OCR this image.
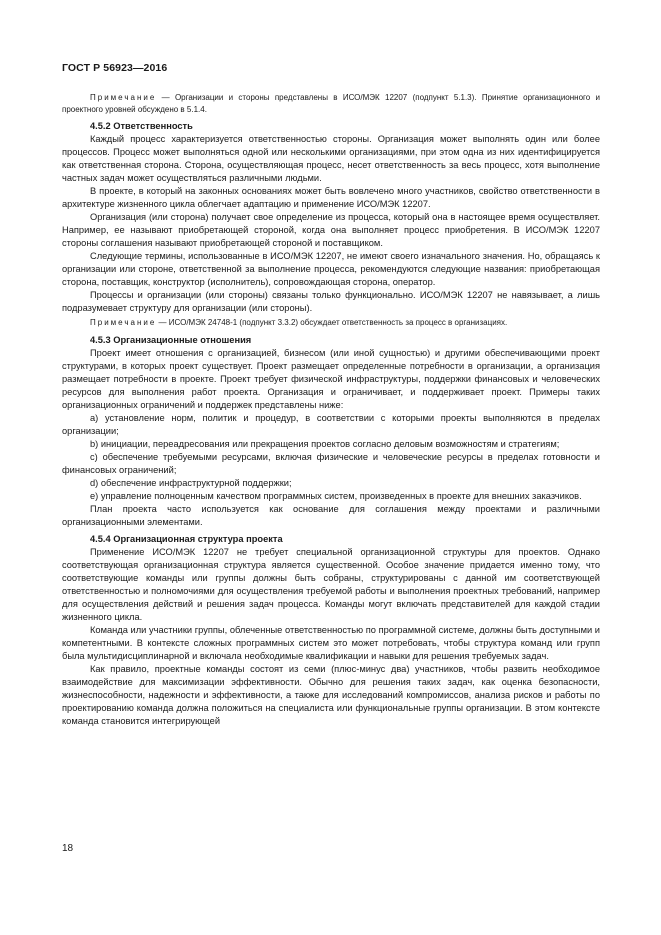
ГОСТ Р 56923—2016

Примечание — Организации и стороны представлены в ИСО/МЭК 12207 (подпункт 5.1.3). Принятие организационного и проектного уровней обсуждено в 5.1.4.

4.5.2 Ответственность

Каждый процесс характеризуется ответственностью стороны. Организация может выполнять один или более процессов. Процесс может выполняться одной или несколькими организациями, при этом одна из них идентифицируется как ответственная сторона. Сторона, осуществляющая процесс, несет ответственность за весь процесс, хотя выполнение частных задач может осуществляться различными людьми.

В проекте, в который на законных основаниях может быть вовлечено много участников, свойство ответственности в архитектуре жизненного цикла облегчает адаптацию и применение ИСО/МЭК 12207.

Организация (или сторона) получает свое определение из процесса, который она в настоящее время осуществляет. Например, ее называют приобретающей стороной, когда она выполняет процесс приобретения. В ИСО/МЭК 12207 стороны соглашения называют приобретающей стороной и поставщиком.

Следующие термины, использованные в ИСО/МЭК 12207, не имеют своего изначального значения. Но, обращаясь к организации или стороне, ответственной за выполнение процесса, рекомендуются следующие названия: приобретающая сторона, поставщик, конструктор (исполнитель), сопровождающая сторона, оператор.

Процессы и организации (или стороны) связаны только функционально. ИСО/МЭК 12207 не навязывает, а лишь подразумевает структуру для организации (или стороны).

Примечание — ИСО/МЭК 24748-1 (подпункт 3.3.2) обсуждает ответственность за процесс в организациях.

4.5.3 Организационные отношения

Проект имеет отношения с организацией, бизнесом (или иной сущностью) и другими обеспечивающими проект структурами, в которых проект существует. Проект размещает определенные потребности в организации, а организация размещает потребности в проекте. Проект требует физической инфраструктуры, поддержки финансовых и человеческих ресурсов для выполнения работ проекта. Организация и ограничивает, и поддерживает проект. Примеры таких организационных ограничений и поддержек представлены ниже:

а) установление норм, политик и процедур, в соответствии с которыми проекты выполняются в пределах организации;

b) инициации, переадресования или прекращения проектов согласно деловым возможностям и стратегиям;

с) обеспечение требуемыми ресурсами, включая физические и человеческие ресурсы в пределах готовности и финансовых ограничений;

d) обеспечение инфраструктурной поддержки;

е) управление полноценным качеством программных систем, произведенных в проекте для внешних заказчиков.

План проекта часто используется как основание для соглашения между проектами и различными организационными элементами.

4.5.4 Организационная структура проекта

Применение ИСО/МЭК 12207 не требует специальной организационной структуры для проектов. Однако соответствующая организационная структура является существенной. Особое значение придается именно тому, что соответствующие команды или группы должны быть собраны, структурированы с данной им соответствующей ответственностью и полномочиями для осуществления требуемой работы и выполнения проектных требований, например для осуществления действий и решения задач процесса. Команды могут включать представителей для каждой стадии жизненного цикла.

Команда или участники группы, облеченные ответственностью по программной системе, должны быть доступными и компетентными. В контексте сложных программных систем это может потребовать, чтобы структура команд или групп была мультидисциплинарной и включала необходимые квалификации и навыки для решения требуемых задач.

Как правило, проектные команды состоят из семи (плюс-минус два) участников, чтобы развить необходимое взаимодействие для максимизации эффективности. Обычно для решения таких задач, как оценка безопасности, жизнеспособности, надежности и эффективности, а также для исследований компромиссов, анализа рисков и работы по проектированию команда должна положиться на специалиста или функциональные группы организации. В этом контексте команда становится интегрирующей

18
